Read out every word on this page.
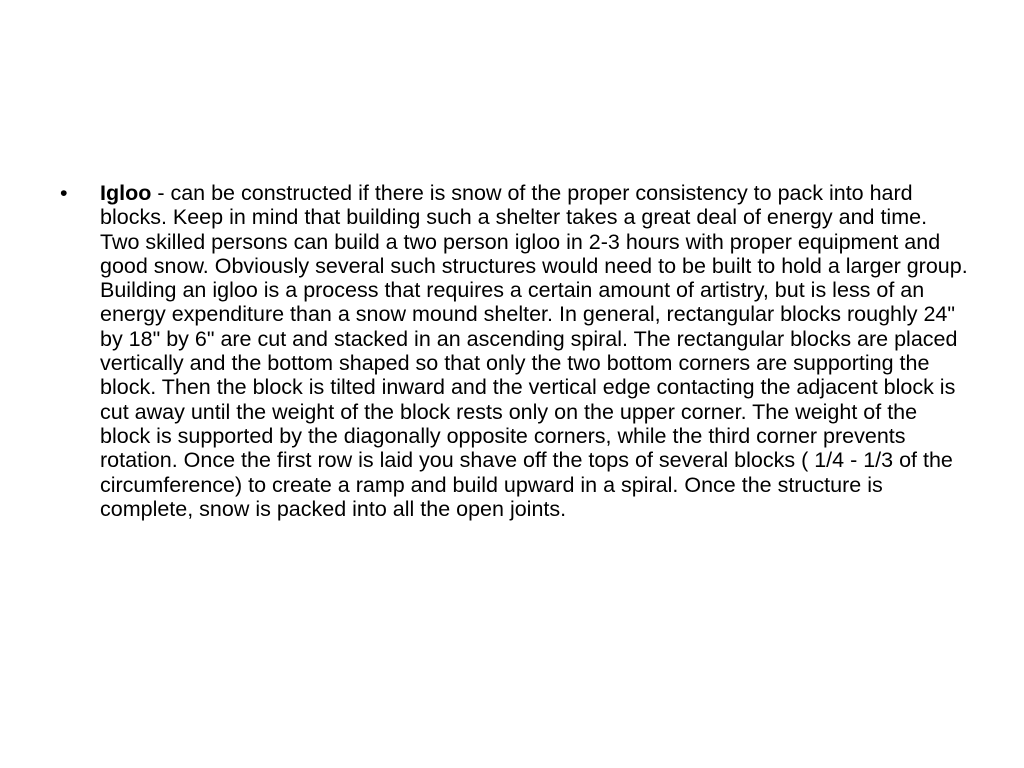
• Igloo - can be constructed if there is snow of the proper consistency to pack into hard blocks. Keep in mind that building such a shelter takes a great deal of energy and time. Two skilled persons can build a two person igloo in 2-3 hours with proper equipment and good snow. Obviously several such structures would need to be built to hold a larger group. Building an igloo is a process that requires a certain amount of artistry, but is less of an energy expenditure than a snow mound shelter. In general, rectangular blocks roughly 24" by 18" by 6" are cut and stacked in an ascending spiral. The rectangular blocks are placed vertically and the bottom shaped so that only the two bottom corners are supporting the block. Then the block is tilted inward and the vertical edge contacting the adjacent block is cut away until the weight of the block rests only on the upper corner. The weight of the block is supported by the diagonally opposite corners, while the third corner prevents rotation. Once the first row is laid you shave off the tops of several blocks ( 1/4 - 1/3 of the circumference) to create a ramp and build upward in a spiral. Once the structure is complete, snow is packed into all the open joints.
